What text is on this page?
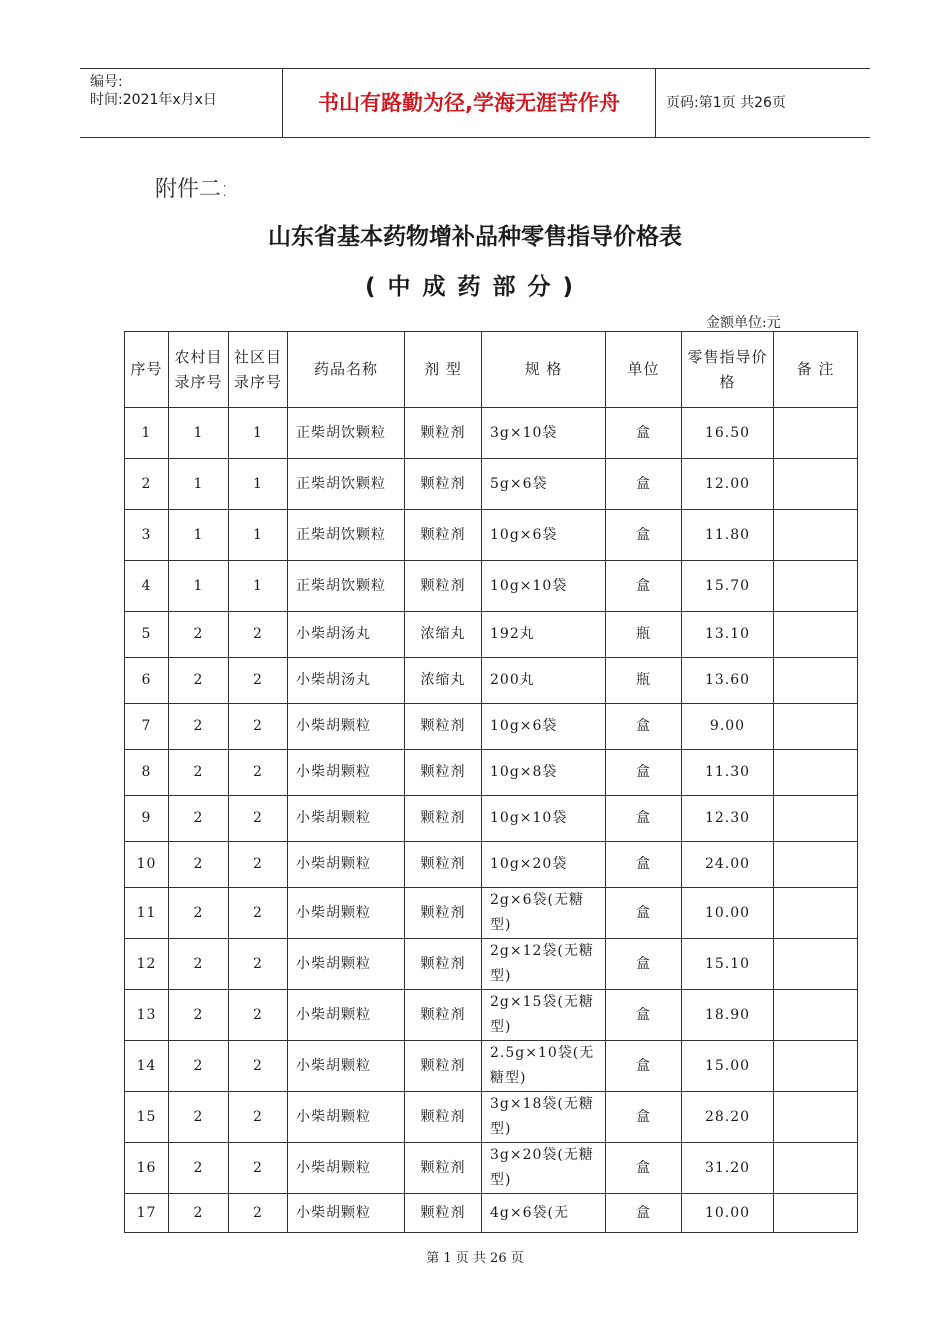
编号:
时间:2021年x月x日	书山有路勤为径,学海无涯苦作舟	页码:第1页 共26页
附件二:
山东省基本药物增补品种零售指导价格表
(中成药部分)
金额单位:元
序号	农村目录序号	社区目录序号	药品名称	剂 型	规 格	单位	零售指导价格	备 注
1	1	1	正柴胡饮颗粒	颗粒剂	3g×10袋	盒	16.50	
2	1	1	正柴胡饮颗粒	颗粒剂	5g×6袋	盒	12.00	
3	1	1	正柴胡饮颗粒	颗粒剂	10g×6袋	盒	11.80	
4	1	1	正柴胡饮颗粒	颗粒剂	10g×10袋	盒	15.70	
5	2	2	小柴胡汤丸	浓缩丸	192丸	瓶	13.10	
6	2	2	小柴胡汤丸	浓缩丸	200丸	瓶	13.60	
7	2	2	小柴胡颗粒	颗粒剂	10g×6袋	盒	9.00	
8	2	2	小柴胡颗粒	颗粒剂	10g×8袋	盒	11.30	
9	2	2	小柴胡颗粒	颗粒剂	10g×10袋	盒	12.30	
10	2	2	小柴胡颗粒	颗粒剂	10g×20袋	盒	24.00	
11	2	2	小柴胡颗粒	颗粒剂	2g×6袋(无糖型)	盒	10.00	
12	2	2	小柴胡颗粒	颗粒剂	2g×12袋(无糖型)	盒	15.10	
13	2	2	小柴胡颗粒	颗粒剂	2g×15袋(无糖型)	盒	18.90	
14	2	2	小柴胡颗粒	颗粒剂	2.5g×10袋(无糖型)	盒	15.00	
15	2	2	小柴胡颗粒	颗粒剂	3g×18袋(无糖型)	盒	28.20	
16	2	2	小柴胡颗粒	颗粒剂	3g×20袋(无糖型)	盒	31.20	
17	2	2	小柴胡颗粒	颗粒剂	4g×6袋(无	盒	10.00	
第 1 页 共 26 页
